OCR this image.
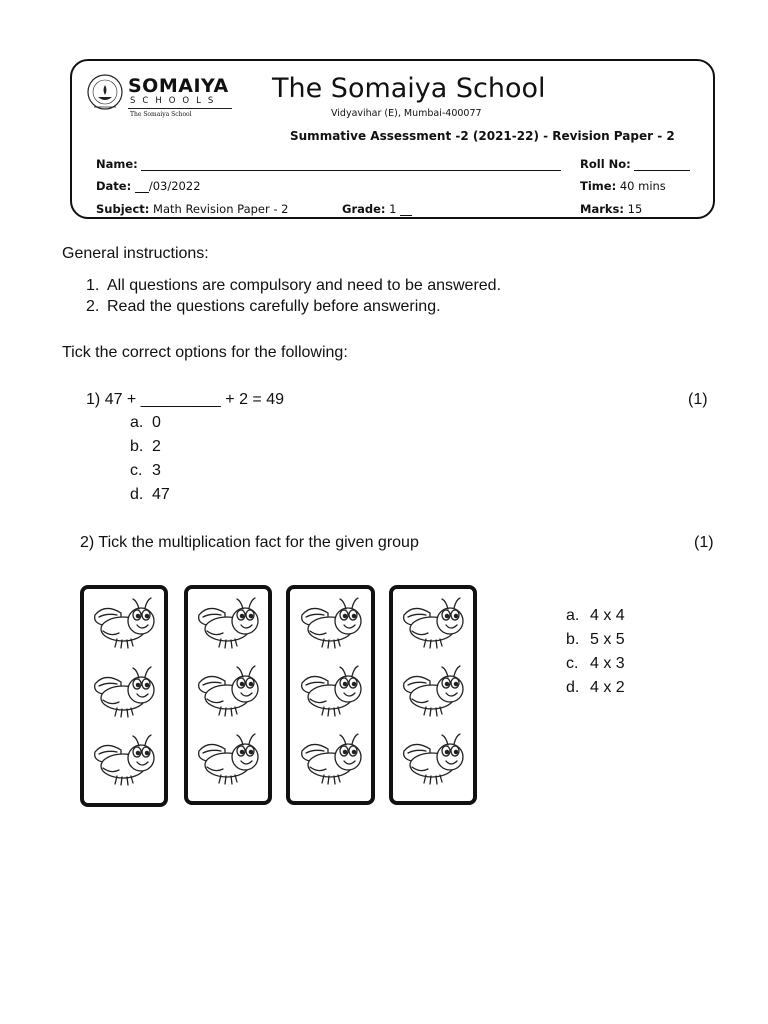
SOMAIYA
SCHOOLS
The Somaiya School
The Somaiya School
Vidyavihar (E), Mumbai-400077
Summative Assessment -2 (2021-22) - Revision Paper - 2
Name:	Roll No:
Date: /03/2022	Time: 40 mins
Subject: Math Revision Paper - 2	Grade: 1	Marks: 15
General instructions:
1. All questions are compulsory and need to be answered.
2. Read the questions carefully before answering.
Tick the correct options for the following:
1) 47 + _________ + 2 = 49	(1)
a. 0
b. 2
c. 3
d. 47
2) Tick the multiplication fact for the given group	(1)
a. 4 x 4
b. 5 x 5
c. 4 x 3
d. 4 x 2
